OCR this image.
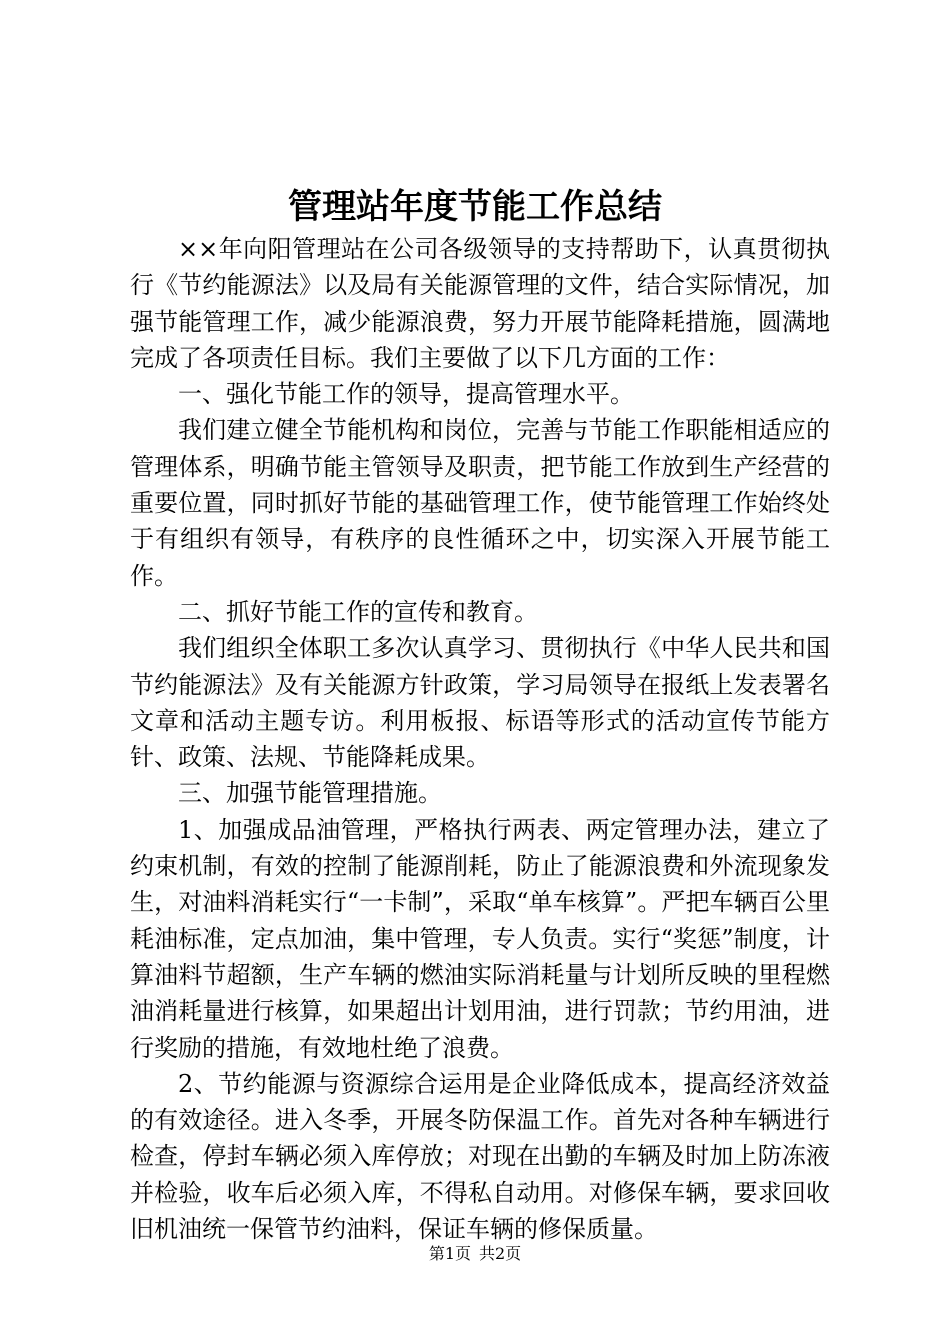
管理站年度节能工作总结

××年向阳管理站在公司各级领导的支持帮助下，认真贯彻执行《节约能源法》以及局有关能源管理的文件，结合实际情况，加强节能管理工作，减少能源浪费，努力开展节能降耗措施，圆满地完成了各项责任目标。我们主要做了以下几方面的工作：

一、强化节能工作的领导，提高管理水平。

我们建立健全节能机构和岗位，完善与节能工作职能相适应的管理体系，明确节能主管领导及职责，把节能工作放到生产经营的重要位置，同时抓好节能的基础管理工作，使节能管理工作始终处于有组织有领导，有秩序的良性循环之中，切实深入开展节能工作。

二、抓好节能工作的宣传和教育。

我们组织全体职工多次认真学习、贯彻执行《中华人民共和国节约能源法》及有关能源方针政策，学习局领导在报纸上发表署名文章和活动主题专访。利用板报、标语等形式的活动宣传节能方针、政策、法规、节能降耗成果。

三、加强节能管理措施。

1、加强成品油管理，严格执行两表、两定管理办法，建立了约束机制，有效的控制了能源削耗，防止了能源浪费和外流现象发生，对油料消耗实行“一卡制”，采取“单车核算”。严把车辆百公里耗油标准，定点加油，集中管理，专人负责。实行“奖惩”制度，计算油料节超额，生产车辆的燃油实际消耗量与计划所反映的里程燃油消耗量进行核算，如果超出计划用油，进行罚款；节约用油，进行奖励的措施，有效地杜绝了浪费。

2、节约能源与资源综合运用是企业降低成本，提高经济效益的有效途径。进入冬季，开展冬防保温工作。首先对各种车辆进行检查，停封车辆必须入库停放；对现在出勤的车辆及时加上防冻液并检验，收车后必须入库，不得私自动用。对修保车辆，要求回收旧机油统一保管节约油料，保证车辆的修保质量。

第1页 共2页
